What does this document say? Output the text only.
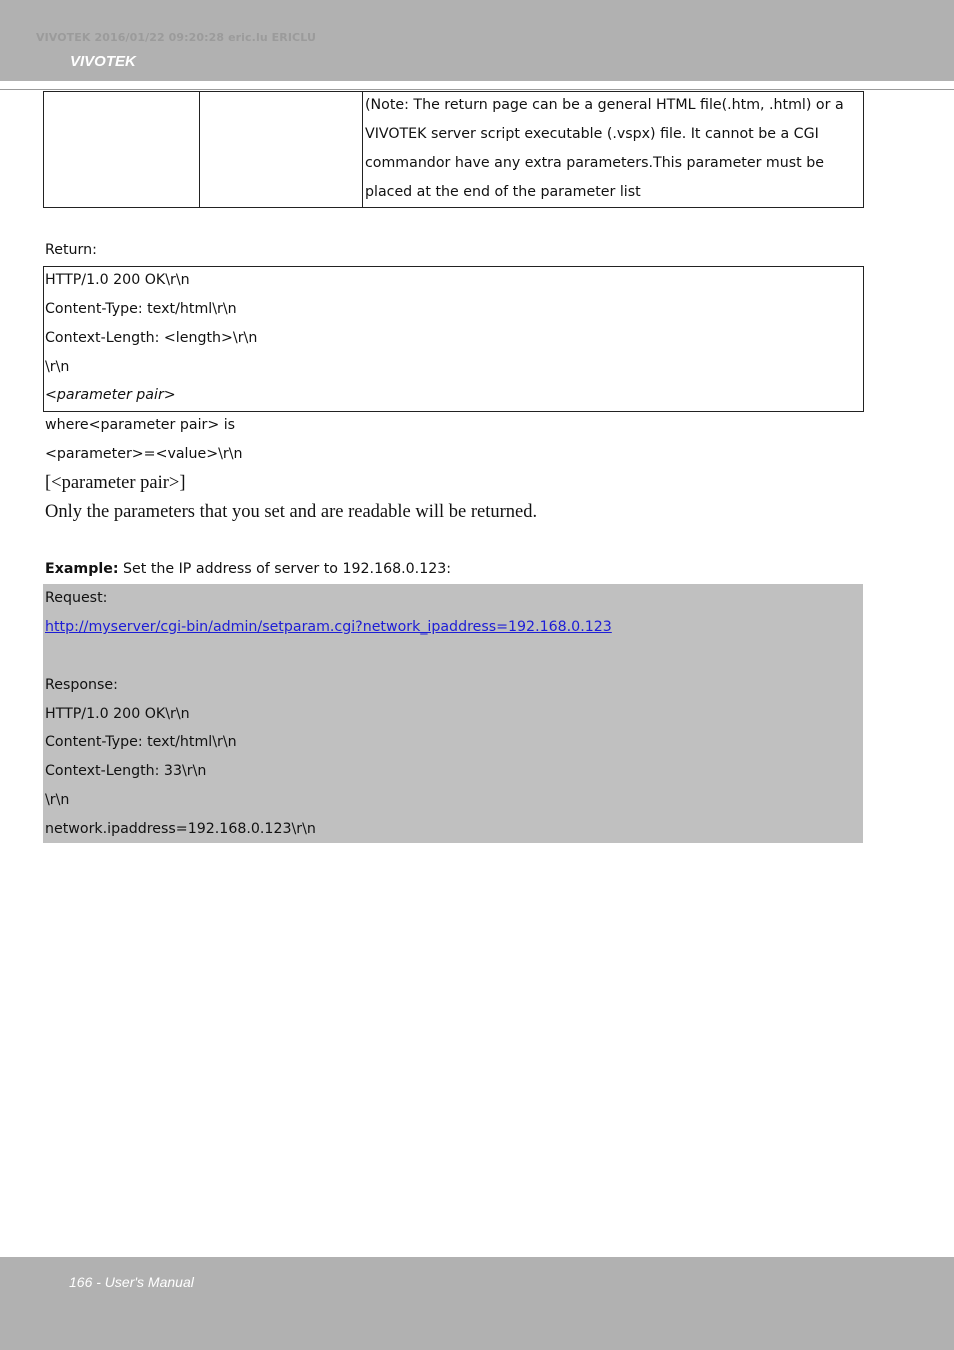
VIVOTEK 2016/01/22 09:20:28 eric.lu ERICLU
VIVOTEK
(Note: The return page can be a general HTML file(.htm, .html) or a
VIVOTEK server script executable (.vspx) file. It cannot be a CGI
commandor have any extra parameters.This parameter must be
placed at the end of the parameter list
Return:
HTTP/1.0 200 OK\r\n
Content-Type: text/html\r\n
Context-Length: <length>\r\n
\r\n
<parameter pair>
where<parameter pair> is
<parameter>=<value>\r\n
[<parameter pair>]
Only the parameters that you set and are readable will be returned.
Example: Set the IP address of server to 192.168.0.123:
Request:
http://myserver/cgi-bin/admin/setparam.cgi?network_ipaddress=192.168.0.123
Response:
HTTP/1.0 200 OK\r\n
Content-Type: text/html\r\n
Context-Length: 33\r\n
\r\n
network.ipaddress=192.168.0.123\r\n
166 - User's Manual
